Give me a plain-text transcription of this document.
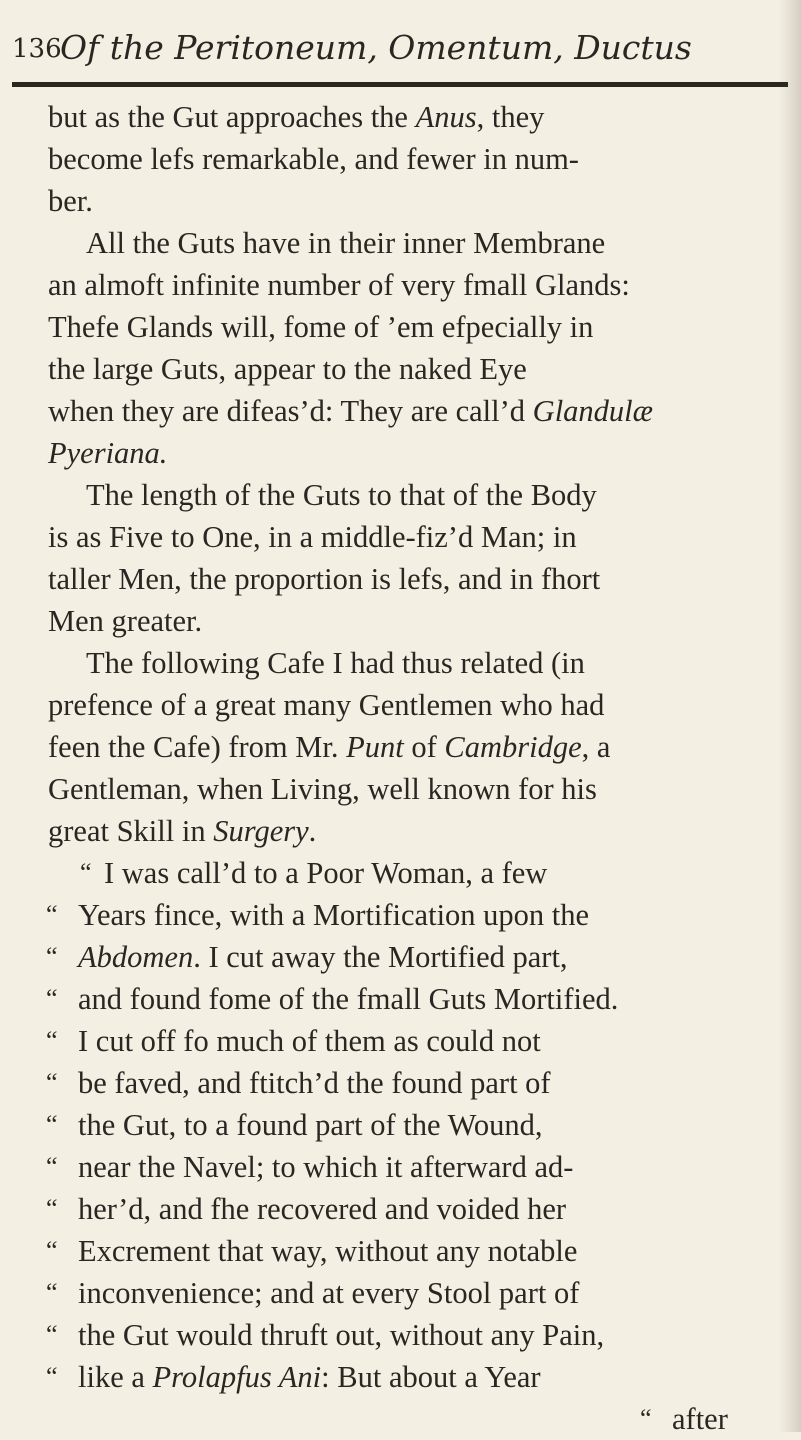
136
Of the Peritoneum, Omentum, Ductus
but as the Gut approaches the Anus, they
become lefs remarkable, and fewer in num-
ber.
All the Guts have in their inner Membrane
an almoft infinite number of very fmall Glands:
Thefe Glands will, fome of ’em efpecially in
the large Guts, appear to the naked Eye
when they are difeas’d: They are call’d Glandulæ
Pyeriana.
The length of the Guts to that of the Body
is as Five to One, in a middle-fiz’d Man; in
taller Men, the proportion is lefs, and in fhort
Men greater.
The following Cafe I had thus related (in
prefence of a great many Gentlemen who had
feen the Cafe) from Mr. Punt of Cambridge, a
Gentleman, when Living, well known for his
great Skill in Surgery.
“ I was call’d to a Poor Woman, a few
“ Years fince, with a Mortification upon the
“ Abdomen. I cut away the Mortified part,
“ and found fome of the fmall Guts Mortified.
“ I cut off fo much of them as could not
“ be faved, and ftitch’d the found part of
“ the Gut, to a found part of the Wound,
“ near the Navel; to which it afterward ad-
“ her’d, and fhe recovered and voided her
“ Excrement that way, without any notable
“ inconvenience; and at every Stool part of
“ the Gut would thruft out, without any Pain,
“ like a Prolapfus Ani: But about a Year
“ after
